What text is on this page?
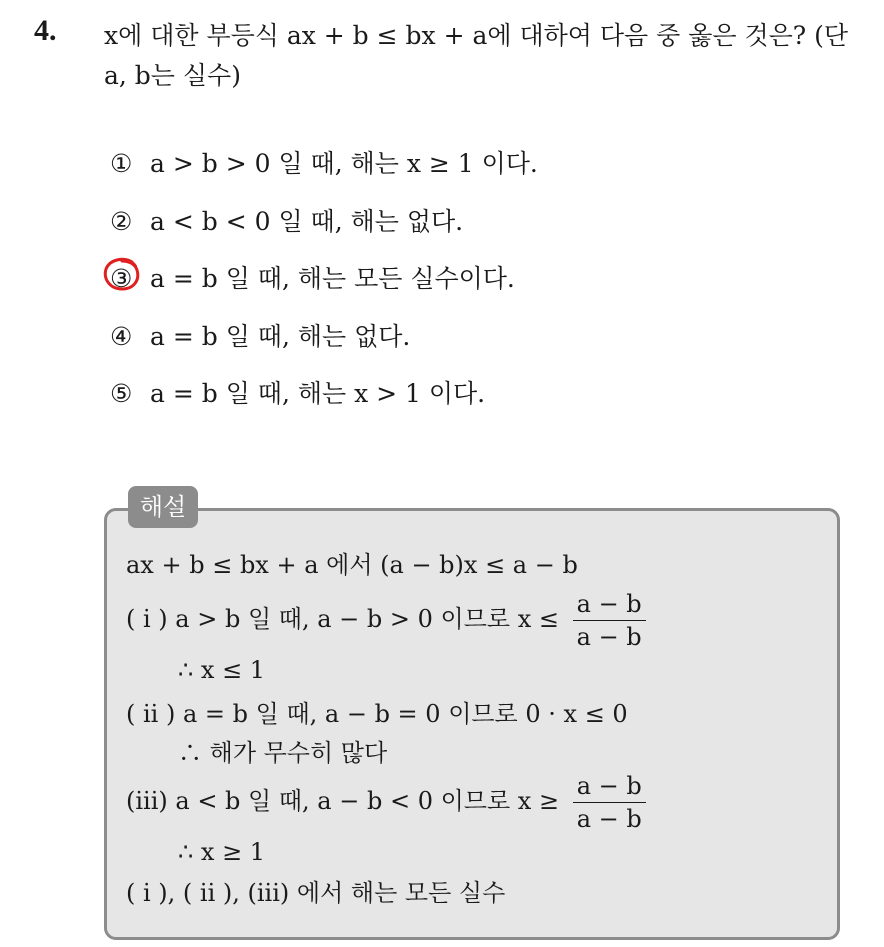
4. x에 대한 부등식 ax + b ≤ bx + a에 대하여 다음 중 옳은 것은? (단
a, b는 실수)
① a > b > 0 일 때, 해는 x ≥ 1 이다.
② a < b < 0 일 때, 해는 없다.
③ a = b 일 때, 해는 모든 실수이다.
④ a = b 일 때, 해는 없다.
⑤ a = b 일 때, 해는 x > 1 이다.
해설
ax + b ≤ bx + a 에서 (a − b)x ≤ a − b
( i ) a > b 일 때, a − b > 0 이므로 $x \le \frac{a - b}{a - b}$
∴ x ≤ 1
( ii ) a = b 일 때, a − b = 0 이므로 0 · x ≤ 0
∴ 해가 무수히 많다
(iii) a < b 일 때, a − b < 0 이므로 $x \ge \frac{a - b}{a - b}$
∴ x ≥ 1
( i ), ( ii ), (iii) 에서 해는 모든 실수
